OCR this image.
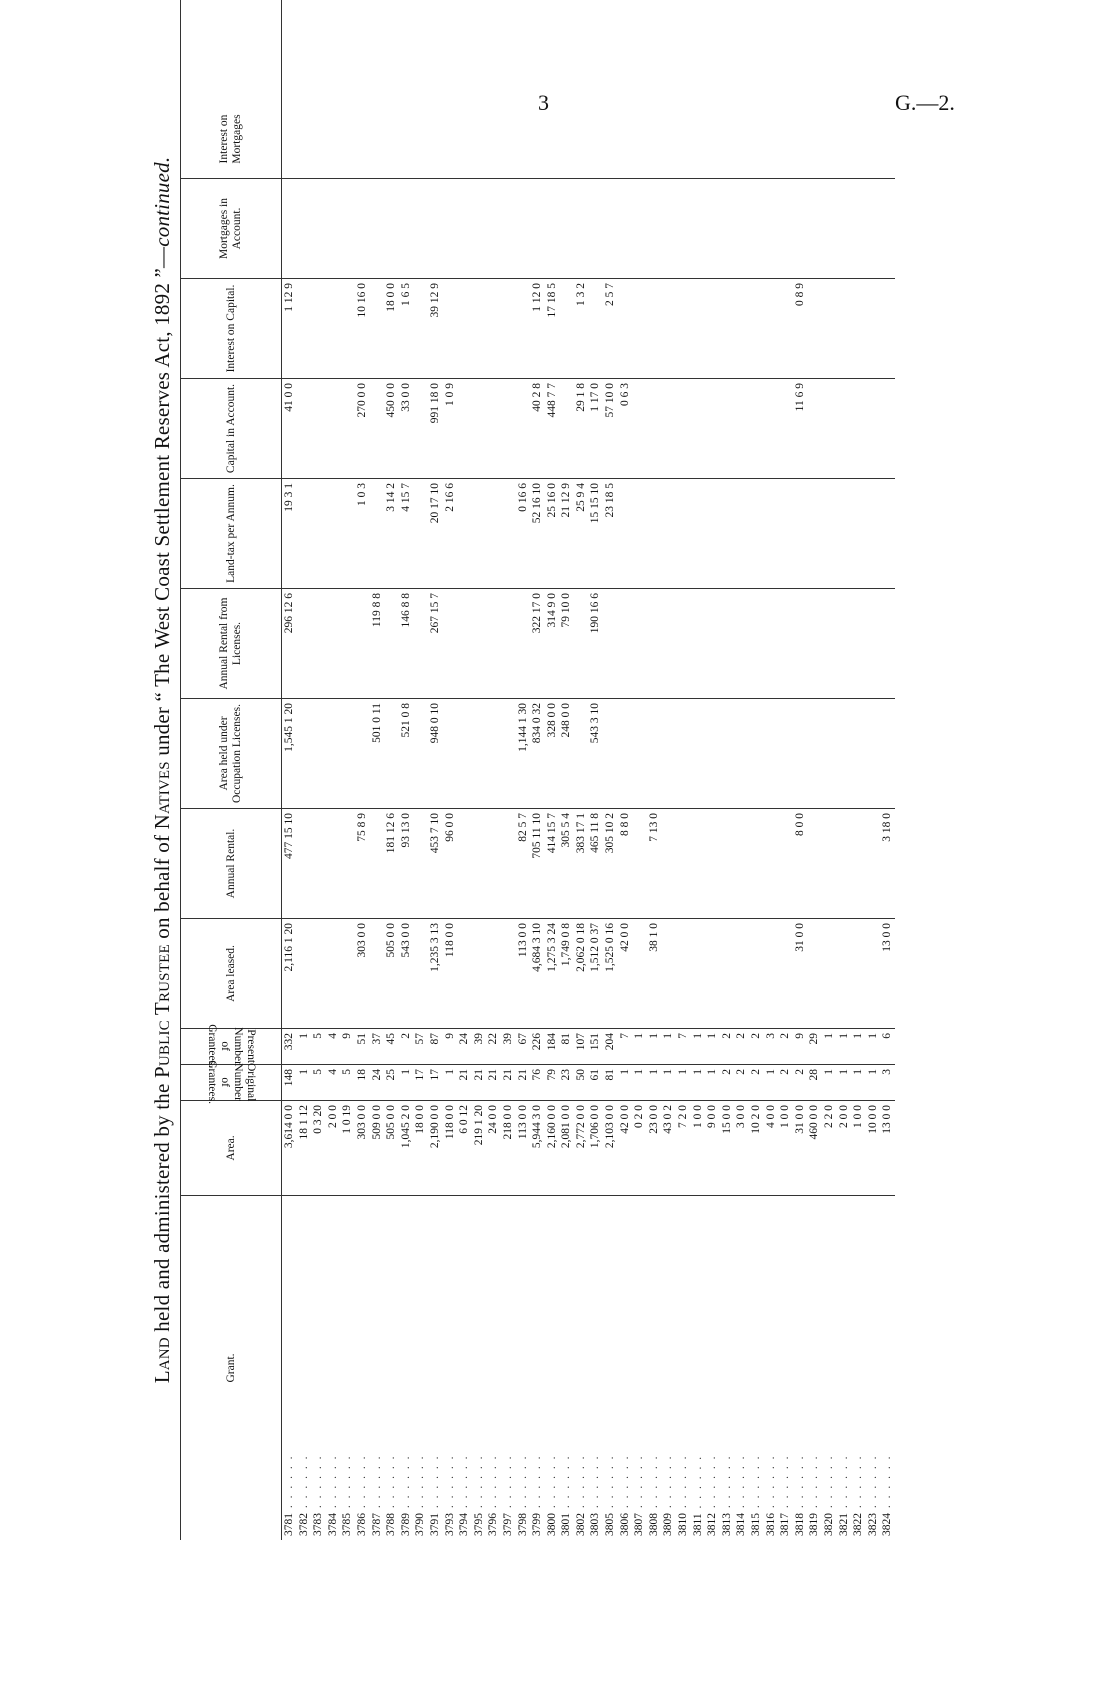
3	G.—2.
Land held and administered by the Public Trustee on behalf of Natives under “ The West Coast Settlement Reserves Act, 1892 ”—continued.
Grant.
Area.
Original Number of Grantees.
Present Number of Grantees.
Area leased.
Annual Rental.
Area held under Occupation Licenses.
Annual Rental from Licenses.
Land-tax per Annum.
Capital in Account.
Interest on Capital.
Mortgages in Account.
Interest on Mortgages
3781 . . . . . .
3,614 0 0
148
332
2,116 1 20
477 15 10
1,545 1 20
296 12 6
19 3 1
41 0 0
1 12 9
3782 . . . . . .
18 1 12
1
1
3783 . . . . . .
0 3 20
5
5
3784 . . . . . .
2 0 0
4
4
3785 . . . . . .
1 0 19
5
9
3786 . . . . . .
303 0 0
18
51
303 0 0
75 8 9
1 0 3
270 0 0
10 16 0
3787 . . . . . .
509 0 0
24
37
501 0 11
119 8 8
3788 . . . . . .
505 0 0
25
45
505 0 0
181 12 6
3 14 2
450 0 0
18 0 0
3789 . . . . . .
1,045 2 0
1
2
543 0 0
93 13 0
521 0 8
146 8 8
4 15 7
33 0 0
1 6 5
3790 . . . . . .
18 0 0
17
57
3791 . . . . . .
2,190 0 0
17
87
1,235 3 13
453 7 10
948 0 10
267 15 7
20 17 10
991 18 0
39 12 9
3793 . . . . . .
118 0 0
1
9
118 0 0
96 0 0
2 16 6
1 0 9
3794 . . . . . .
6 0 12
21
24
3795 . . . . . .
219 1 20
21
39
3796 . . . . . .
24 0 0
21
22
3797 . . . . . .
218 0 0
21
39
3798 . . . . . .
113 0 0
21
67
113 0 0
82 5 7
1,144 1 30
0 16 6
3799 . . . . . .
5,944 3 0
76
226
4,684 3 10
705 11 10
834 0 32
322 17 0
52 16 10
40 2 8
1 12 0
3800 . . . . . .
2,160 0 0
79
184
1,275 3 24
414 15 7
328 0 0
314 9 0
25 16 0
448 7 7
17 18 5
3801 . . . . . .
2,081 0 0
23
81
1,749 0 8
305 5 4
248 0 0
79 10 0
21 12 9
3802 . . . . . .
2,772 0 0
50
107
2,062 0 18
383 17 1
25 9 4
29 1 8
1 3 2
3803 . . . . . .
1,706 0 0
61
151
1,512 0 37
465 11 8
543 3 10
190 16 6
15 15 10
1 17 0
3805 . . . . . .
2,103 0 0
81
204
1,525 0 16
305 10 2
23 18 5
57 10 0
2 5 7
3806 . . . . . .
42 0 0
1
7
42 0 0
8 8 0
0 6 3
3807 . . . . . .
0 2 0
1
1
3808 . . . . . .
23 0 0
1
1
38 1 0
7 13 0
3809 . . . . . .
43 0 2
1
1
3810 . . . . . .
7 2 0
1
7
3811 . . . . . .
1 0 0
1
1
3812 . . . . . .
9 0 0
1
1
3813 . . . . . .
15 0 0
2
2
3814 . . . . . .
3 0 0
2
2
3815 . . . . . .
10 2 0
2
2
3816 . . . . . .
4 0 0
1
3
3817 . . . . . .
1 0 0
2
2
3818 . . . . . .
31 0 0
2
9
31 0 0
8 0 0
11 6 9
0 8 9
3819 . . . . . .
460 0 0
28
29
3820 . . . . . .
2 2 0
1
1
3821 . . . . . .
2 0 0
1
1
3822 . . . . . .
1 0 0
1
1
3823 . . . . . .
10 0 0
1
1
3824 . . . . . .
13 0 0
3
6
13 0 0
3 18 0
